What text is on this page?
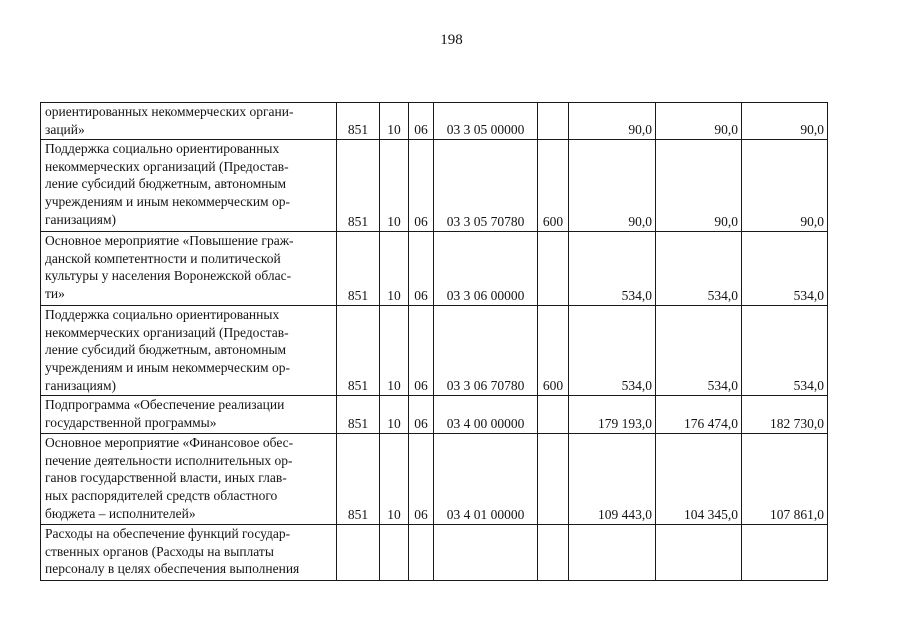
198
ориентированных некоммерческих органи-
заций»	851	10	06	03 3 05 00000		90,0	90,0	90,0

Поддержка социально ориентированных
некоммерческих организаций (Предостав-
ление субсидий бюджетным, автономным
учреждениям и иным некоммерческим ор-
ганизациям)	851	10	06	03 3 05 70780	600	90,0	90,0	90,0

Основное мероприятие «Повышение граж-
данской компетентности и политической
культуры у населения Воронежской облас-
ти»	851	10	06	03 3 06 00000		534,0	534,0	534,0

Поддержка социально ориентированных
некоммерческих организаций (Предостав-
ление субсидий бюджетным, автономным
учреждениям и иным некоммерческим ор-
ганизациям)	851	10	06	03 3 06 70780	600	534,0	534,0	534,0

Подпрограмма «Обеспечение реализации
государственной программы»	851	10	06	03 4 00 00000		179 193,0	176 474,0	182 730,0

Основное мероприятие «Финансовое обес-
печение деятельности исполнительных ор-
ганов государственной власти, иных глав-
ных распорядителей средств областного
бюджета – исполнителей»	851	10	06	03 4 01 00000		109 443,0	104 345,0	107 861,0

Расходы на обеспечение функций государ-
ственных органов (Расходы на выплаты
персоналу в целях обеспечения выполнения								
